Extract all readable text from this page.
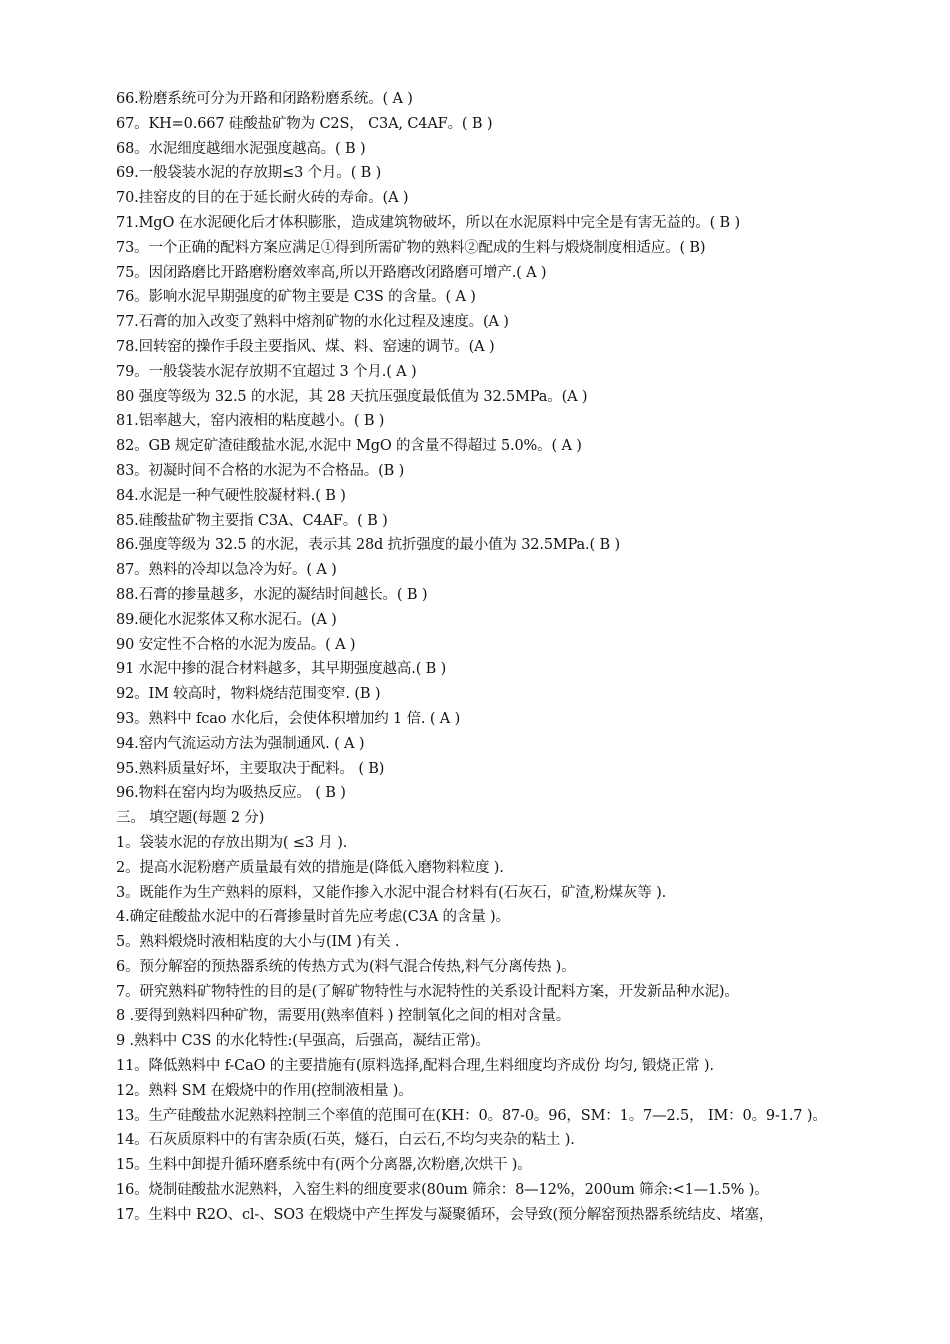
66.粉磨系统可分为开路和闭路粉磨系统。( A )
67。KH=0.667 硅酸盐矿物为 C2S， C3A, C4AF。( B )
68。水泥细度越细水泥强度越高。( B )
69.一般袋装水泥的存放期≤3 个月。( B )
70.挂窑皮的目的在于延长耐火砖的寿命。(A )
71.MgO 在水泥硬化后才体积膨胀，造成建筑物破坏，所以在水泥原料中完全是有害无益的。( B )
73。一个正确的配料方案应满足①得到所需矿物的熟料②配成的生料与煅烧制度相适应。( B)
75。因闭路磨比开路磨粉磨效率高,所以开路磨改闭路磨可增产.( A )
76。影响水泥早期强度的矿物主要是 C3S 的含量。( A )
77.石膏的加入改变了熟料中熔剂矿物的水化过程及速度。(A )
78.回转窑的操作手段主要指风、煤、料、窑速的调节。(A )
79。一般袋装水泥存放期不宜超过 3 个月.( A )
80 强度等级为 32.5 的水泥，其 28 天抗压强度最低值为 32.5MPa。(A )
81.铝率越大，窑内液相的粘度越小。( B )
82。GB 规定矿渣硅酸盐水泥,水泥中 MgO 的含量不得超过 5.0%。( A )
83。初凝时间不合格的水泥为不合格品。(B )
84.水泥是一种气硬性胶凝材料.( B )
85.硅酸盐矿物主要指 C3A、C4AF。( B )
86.强度等级为 32.5 的水泥，表示其 28d 抗折强度的最小值为 32.5MPa.( B )
87。熟料的冷却以急冷为好。( A )
88.石膏的掺量越多，水泥的凝结时间越长。( B )
89.硬化水泥浆体又称水泥石。(A )
90 安定性不合格的水泥为废品。( A )
91 水泥中掺的混合材料越多，其早期强度越高.( B )
92。IM 较高时，物料烧结范围变窄. (B )
93。熟料中 fcao 水化后，会使体积增加约 1 倍. ( A )
94.窑内气流运动方法为强制通风. ( A )
95.熟料质量好坏，主要取决于配料。 ( B)
96.物料在窑内均为吸热反应。 ( B )
三。 填空题(每题 2 分)
1。袋装水泥的存放出期为( ≤3 月 ).
2。提高水泥粉磨产质量最有效的措施是(降低入磨物料粒度 ).
3。既能作为生产熟料的原料，又能作掺入水泥中混合材料有(石灰石，矿渣,粉煤灰等 ).
4.确定硅酸盐水泥中的石膏掺量时首先应考虑(C3A 的含量 )。
5。熟料煅烧时液相粘度的大小与(IM )有关 .
6。预分解窑的预热器系统的传热方式为(料气混合传热,料气分离传热 )。
7。研究熟料矿物特性的目的是(了解矿物特性与水泥特性的关系设计配料方案，开发新品种水泥)。
8 .要得到熟料四种矿物，需要用(熟率值料 ) 控制氧化之间的相对含量。
9 .熟料中 C3S 的水化特性:(早强高，后强高，凝结正常)。
11。降低熟料中 f-CaO 的主要措施有(原料选择,配料合理,生料细度均齐成份 均匀, 锻烧正常 ).
12。熟料 SM 在煅烧中的作用(控制液相量 )。
13。生产硅酸盐水泥熟料控制三个率值的范围可在(KH：0。87-0。96，SM：1。7—2.5， IM：0。9-1.7 )。
14。石灰质原料中的有害杂质(石英，燧石，白云石,不均匀夹杂的粘土 ).
15。生料中卸提升循环磨系统中有(两个分离器,次粉磨,次烘干 )。
16。烧制硅酸盐水泥熟料，入窑生料的细度要求(80um 筛余：8—12%，200um 筛余:<1—1.5% )。
17。生料中 R2O、cl-、SO3 在煅烧中产生挥发与凝聚循环，会导致(预分解窑预热器系统结皮、堵塞，
